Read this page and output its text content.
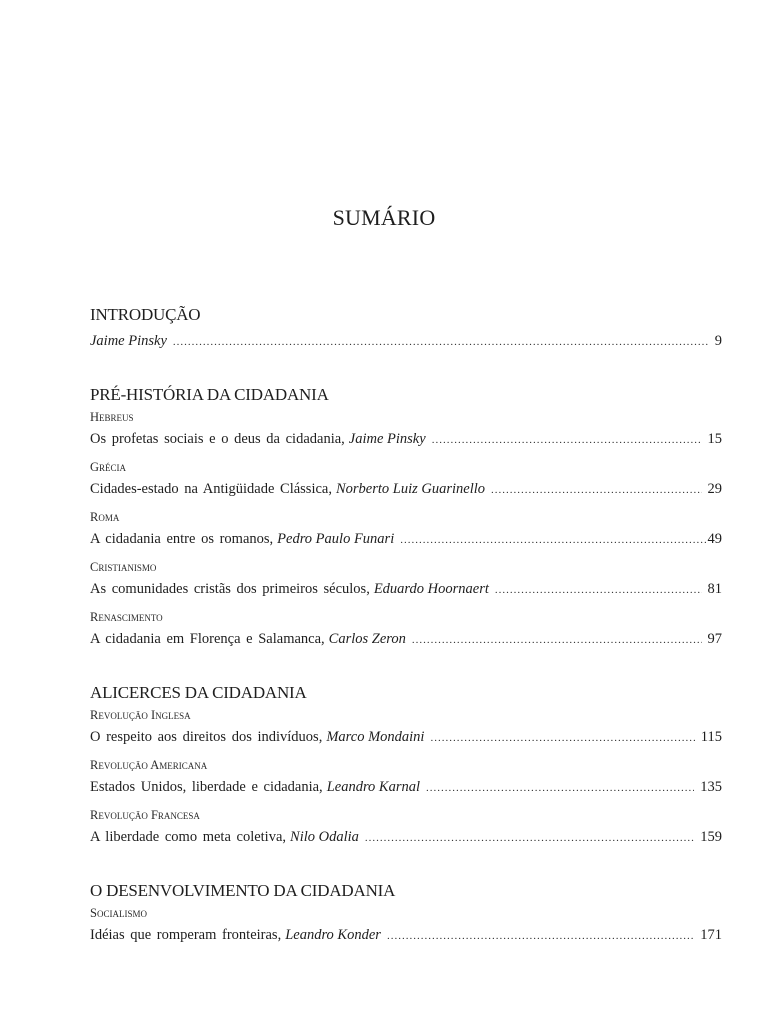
SUMÁRIO
INTRODUÇÃO
Jaime Pinsky .....	9
PRÉ-HISTÓRIA DA CIDADANIA
Hebreus
Os profetas sociais e o deus da cidadania, Jaime Pinsky .....	15
Grécia
Cidades-estado na Antigüidade Clássica, Norberto Luiz Guarinello .....	29
Roma
A cidadania entre os romanos, Pedro Paulo Funari .....	49
Cristianismo
As comunidades cristãs dos primeiros séculos, Eduardo Hoornaert .....	81
Renascimento
A cidadania em Florença e Salamanca, Carlos Zeron .....	97
ALICERCES DA CIDADANIA
Revolução Inglesa
O respeito aos direitos dos indivíduos, Marco Mondaini .....	115
Revolução Americana
Estados Unidos, liberdade e cidadania, Leandro Karnal .....	135
Revolução Francesa
A liberdade como meta coletiva, Nilo Odalia .....	159
O DESENVOLVIMENTO DA CIDADANIA
Socialismo
Idéias que romperam fronteiras, Leandro Konder .....	171
